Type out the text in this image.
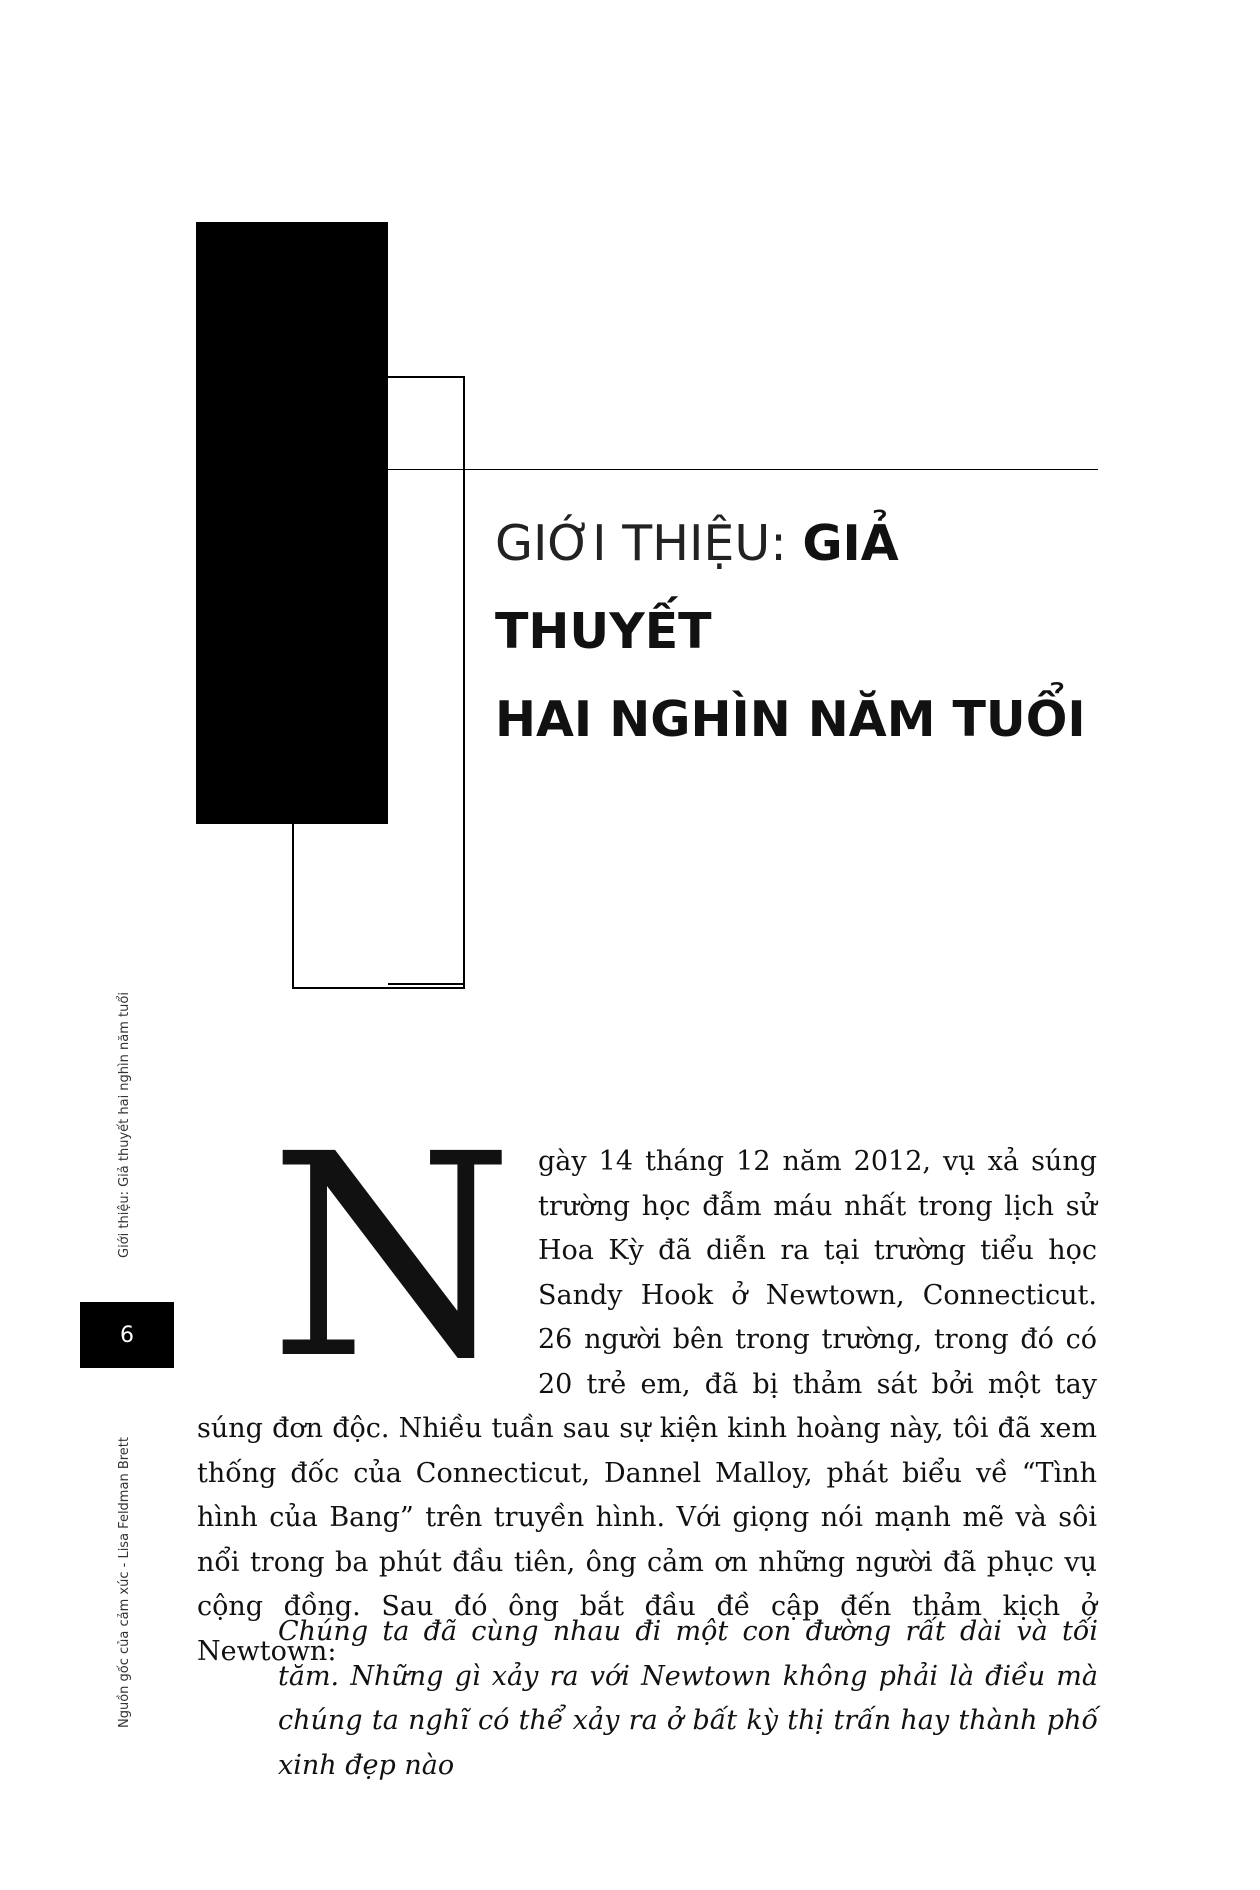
GIỚI THIỆU: GIẢ THUYẾT
HAI NGHÌN NĂM TUỔI
Giới thiệu: Giả thuyết hai nghìn năm tuổi
6
Nguồn gốc của cảm xúc - Lisa Feldman Brett

Ngày 14 tháng 12 năm 2012, vụ xả súng trường học đẫm máu nhất trong lịch sử Hoa Kỳ đã diễn ra tại trường tiểu học Sandy Hook ở Newtown, Connecticut. 26 người bên trong trường, trong đó có 20 trẻ em, đã bị thảm sát bởi một tay súng đơn độc. Nhiều tuần sau sự kiện kinh hoàng này, tôi đã xem thống đốc của Connecticut, Dannel Malloy, phát biểu về “Tình hình của Bang” trên truyền hình. Với giọng nói mạnh mẽ và sôi nổi trong ba phút đầu tiên, ông cảm ơn những người đã phục vụ cộng đồng. Sau đó ông bắt đầu đề cập đến thảm kịch ở Newtown:

Chúng ta đã cùng nhau đi một con đường rất dài và tối tăm. Những gì xảy ra với Newtown không phải là điều mà chúng ta nghĩ có thể xảy ra ở bất kỳ thị trấn hay thành phố xinh đẹp nào
